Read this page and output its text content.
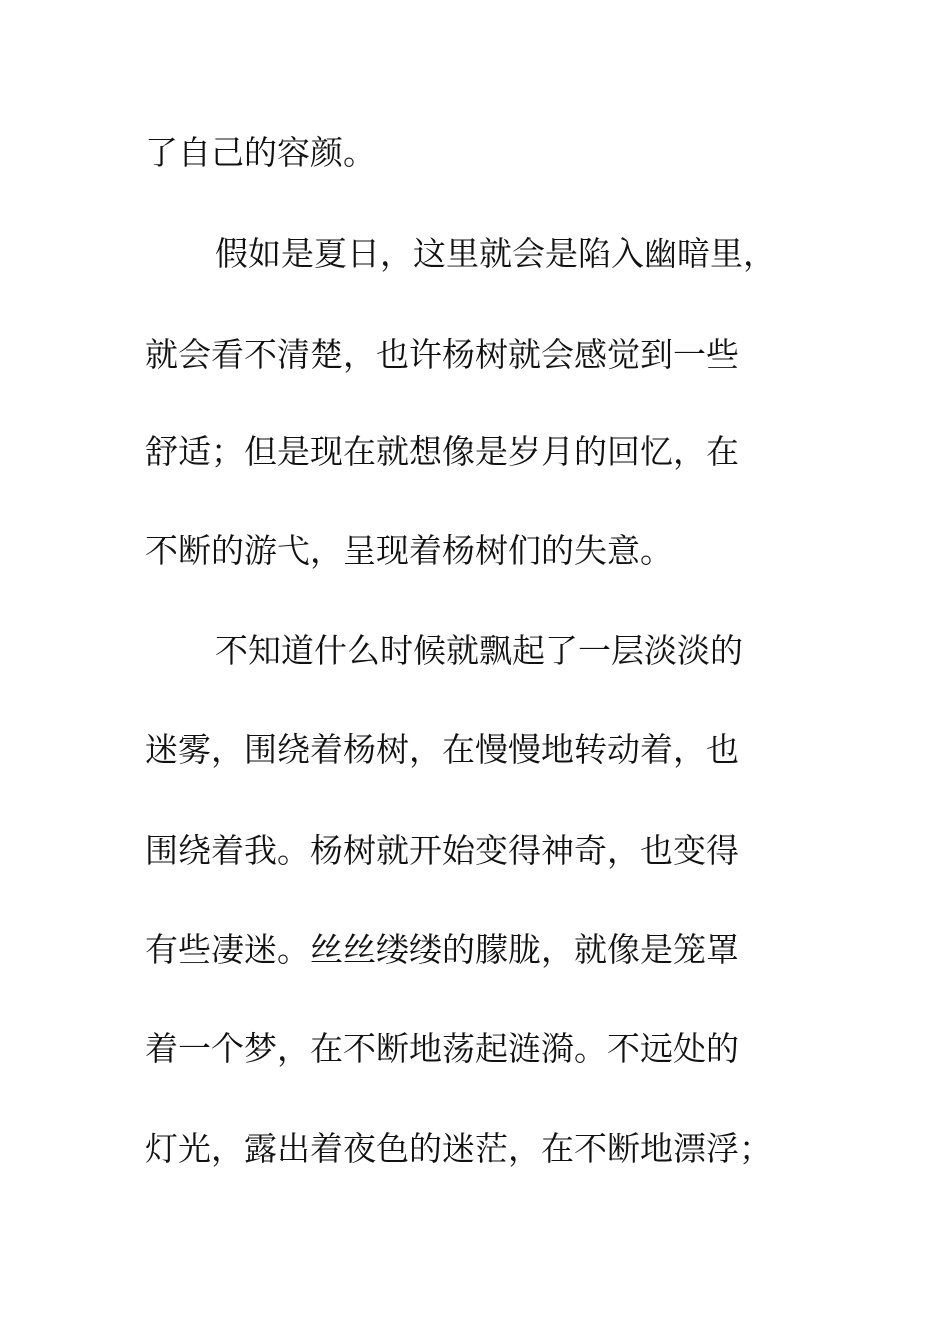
了自己的容颜。
假如是夏日，这里就会是陷入幽暗里，
就会看不清楚，也许杨树就会感觉到一些
舒适；但是现在就想像是岁月的回忆，在
不断的游弋，呈现着杨树们的失意。
不知道什么时候就飘起了一层淡淡的
迷雾，围绕着杨树，在慢慢地转动着，也
围绕着我。杨树就开始变得神奇，也变得
有些凄迷。丝丝缕缕的朦胧，就像是笼罩
着一个梦，在不断地荡起涟漪。不远处的
灯光，露出着夜色的迷茫，在不断地漂浮；
